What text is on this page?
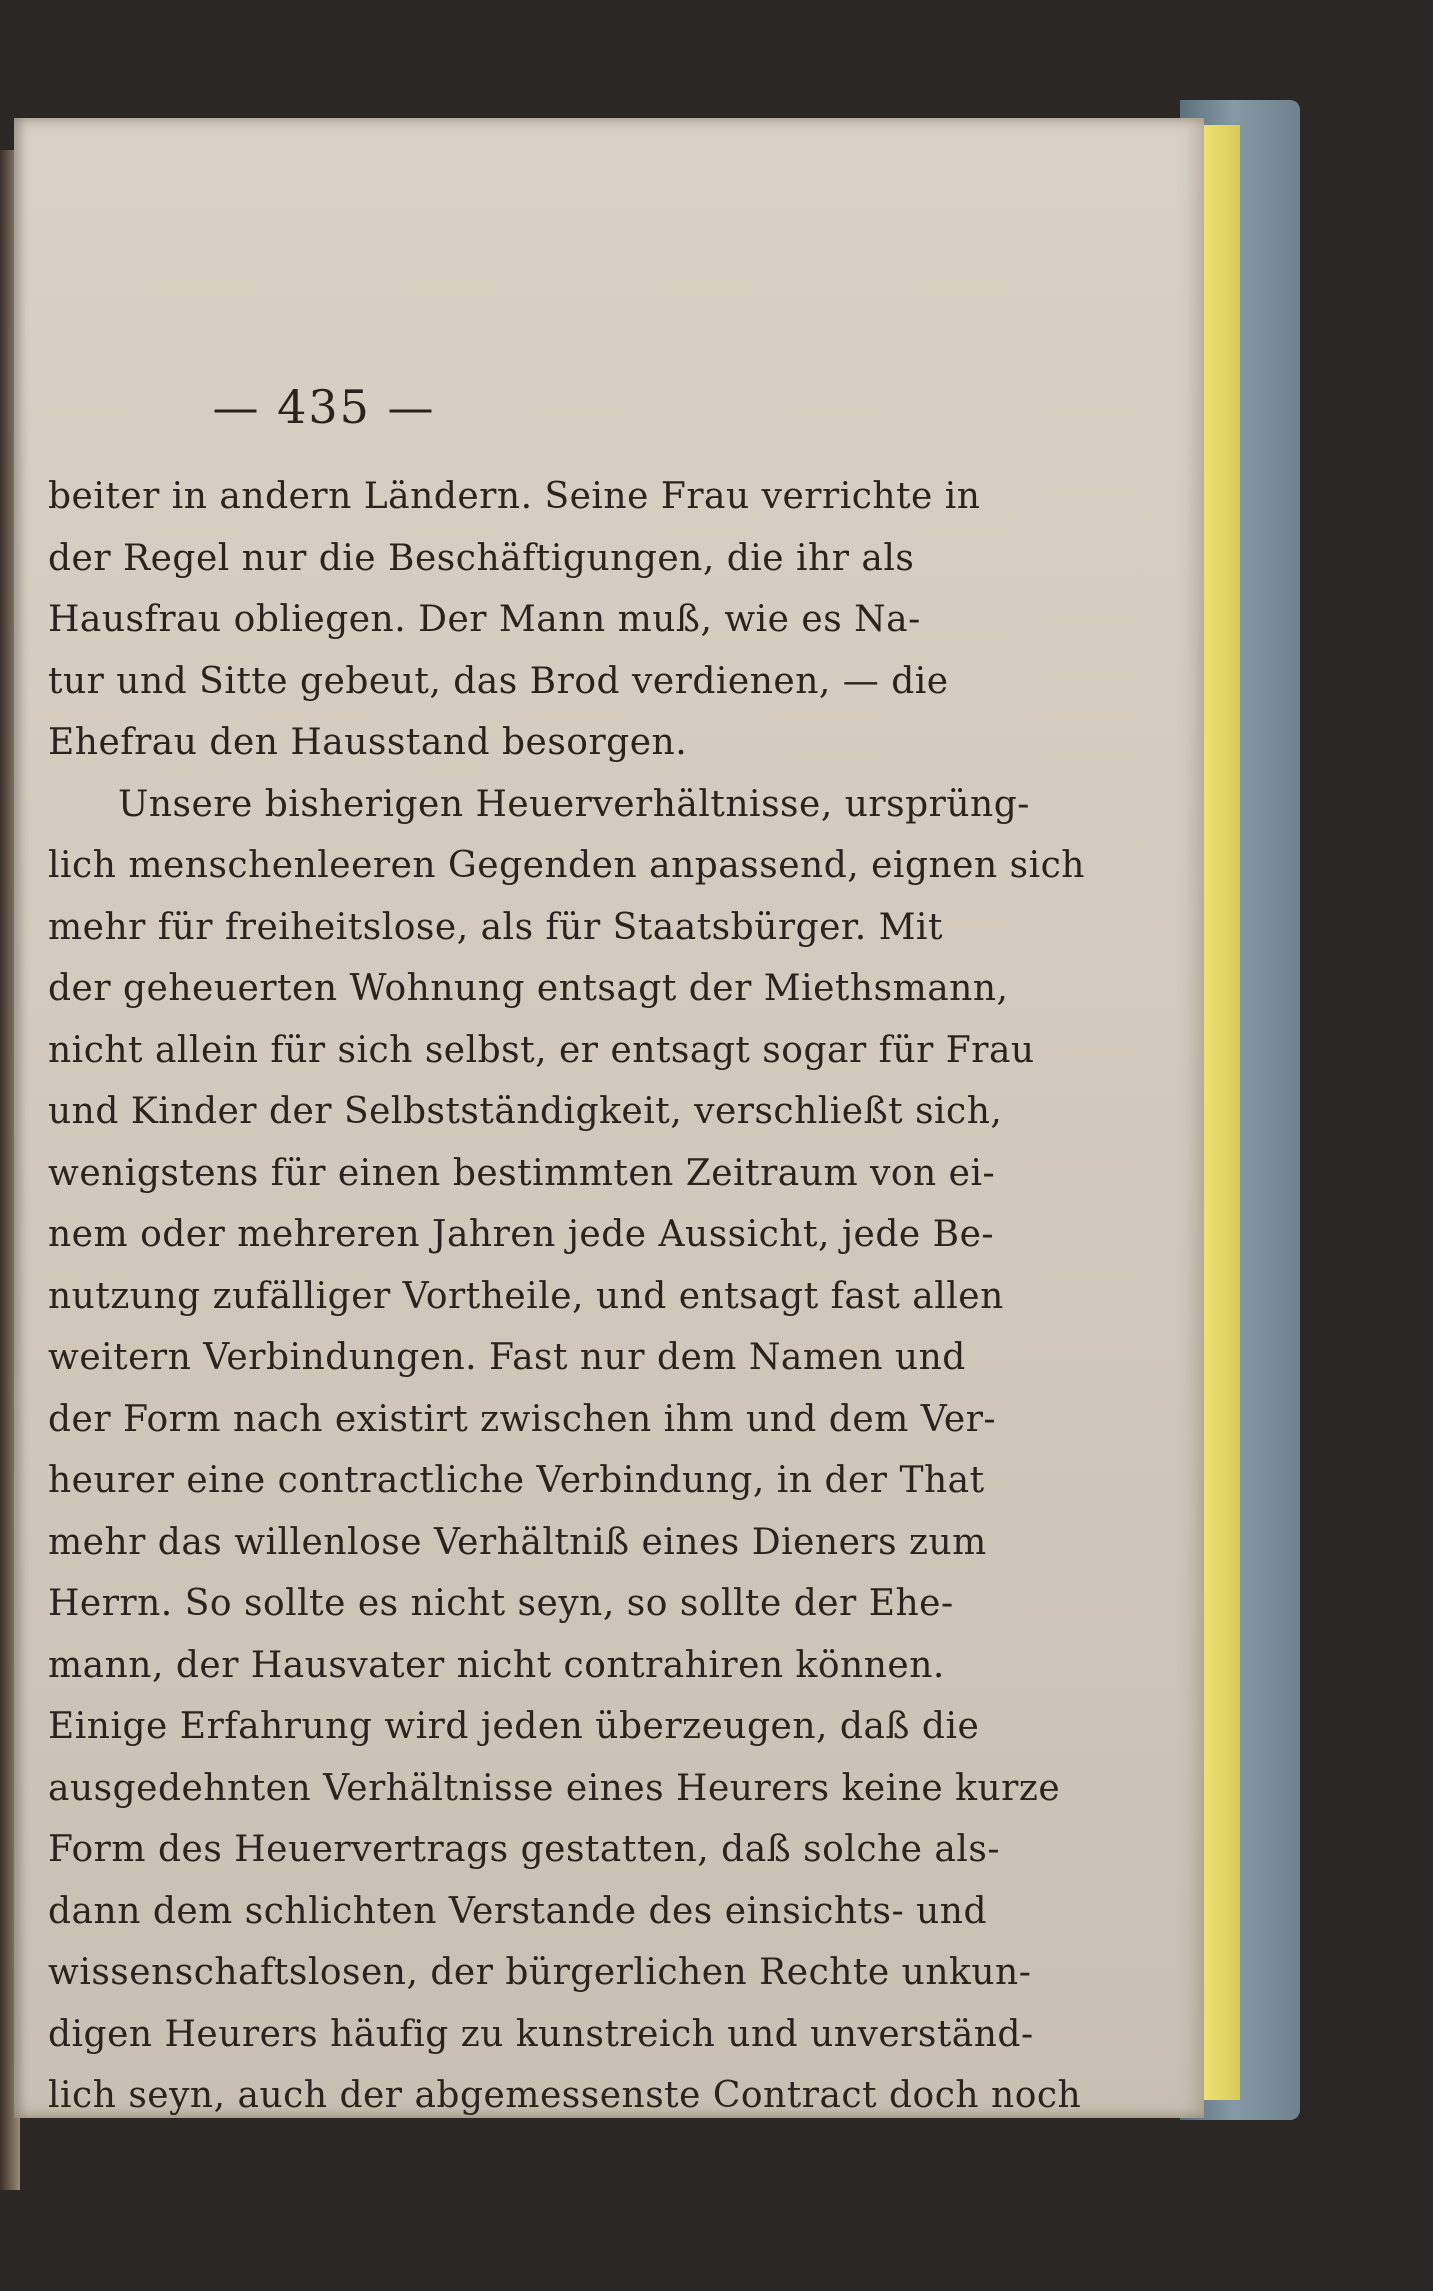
— 435 —
beiter in andern Ländern. Seine Frau verrichte in
der Regel nur die Beschäftigungen, die ihr als
Hausfrau obliegen. Der Mann muß, wie es Na-
tur und Sitte gebeut, das Brod verdienen, — die
Ehefrau den Hausstand besorgen.
Unsere bisherigen Heuerverhältnisse, ursprüng-
lich menschenleeren Gegenden anpassend, eignen sich
mehr für freiheitslose, als für Staatsbürger. Mit
der geheuerten Wohnung entsagt der Miethsmann,
nicht allein für sich selbst, er entsagt sogar für Frau
und Kinder der Selbstständigkeit, verschließt sich,
wenigstens für einen bestimmten Zeitraum von ei-
nem oder mehreren Jahren jede Aussicht, jede Be-
nutzung zufälliger Vortheile, und entsagt fast allen
weitern Verbindungen. Fast nur dem Namen und
der Form nach existirt zwischen ihm und dem Ver-
heurer eine contractliche Verbindung, in der That
mehr das willenlose Verhältniß eines Dieners zum
Herrn. So sollte es nicht seyn, so sollte der Ehe-
mann, der Hausvater nicht contrahiren können.
Einige Erfahrung wird jeden überzeugen, daß die
ausgedehnten Verhältnisse eines Heurers keine kurze
Form des Heuervertrags gestatten, daß solche als-
dann dem schlichten Verstande des einsichts- und
wissenschaftslosen, der bürgerlichen Rechte unkun-
digen Heurers häufig zu kunstreich und unverständ-
lich seyn, auch der abgemessenste Contract doch noch
